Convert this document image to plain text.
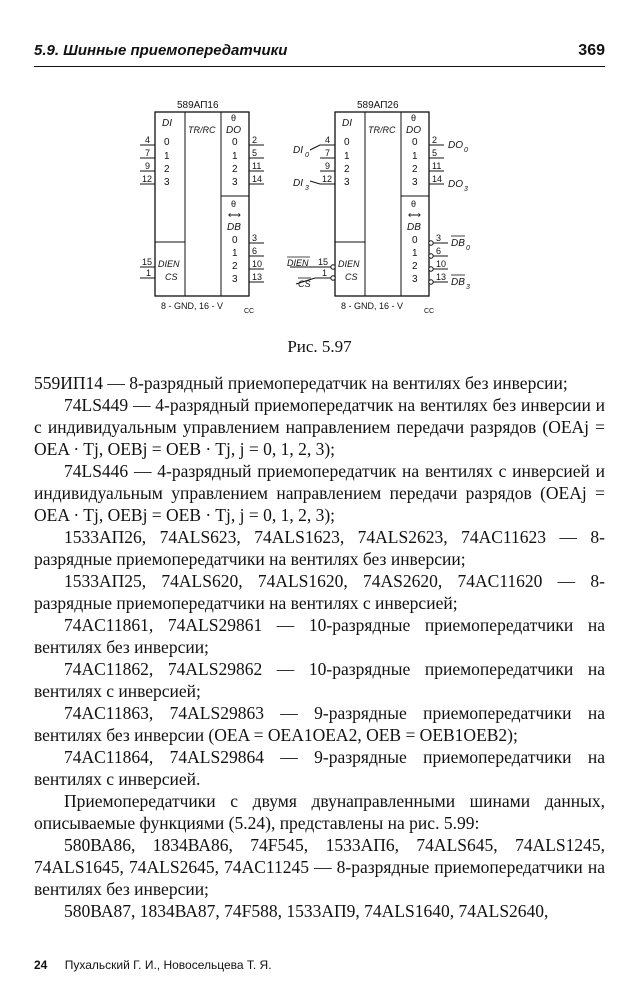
5.9. Шинные приемопередатчики	369
589АП16
DI
TR/RC
θ
DO
0
1
2
3
0
1
2
3
θ
⟷
DB
0
1
2
3
DIEN
CS
4
7
9
12
2
5
11
14
3
6
10
13
15
1
8 - GND, 16 - V
CC
589АП26
DI
TR/RC
θ
DO
0
1
2
3
0
1
2
3
θ
⟷
DB
0
1
2
3
DIEN
CS
4
7
9
12
2
5
11
14
3
6
10
13
15
1
DI 0
DI 3
DO 0
DO 3
DB 0
DB 3
DIEN
CS
8 - GND, 16 - V
CC
Рис. 5.97

559ИП14 — 8-разрядный приемопередатчик на вентилях без инверсии;

74LS449 — 4-разрядный приемопередатчик на вентилях без инверсии и с индивидуальным управлением направлением передачи разрядов (OEAj = OEA · Tj, OEBj = OEB · Tj, j = 0, 1, 2, 3);

74LS446 — 4-разрядный приемопередатчик на вентилях с инверсией и индивидуальным управлением направлением передачи разрядов (OEAj = OEA · Tj, OEBj = OEB · Tj, j = 0, 1, 2, 3);

1533АП26, 74ALS623, 74ALS1623, 74ALS2623, 74AC11623 — 8-разрядные приемопередатчики на вентилях без инверсии;

1533АП25, 74ALS620, 74ALS1620, 74AS2620, 74AC11620 — 8-разрядные приемопередатчики на вентилях с инверсией;

74AC11861, 74ALS29861 — 10-разрядные приемопередатчики на вентилях без инверсии;

74AC11862, 74ALS29862 — 10-разрядные приемопередатчики на вентилях с инверсией;

74AC11863, 74ALS29863 — 9-разрядные приемопередатчики на вентилях без инверсии (OEA = OEA1OEA2, OEB = OEB1OEB2);

74AC11864, 74ALS29864 — 9-разрядные приемопередатчики на вентилях с инверсией.

Приемопередатчики с двумя двунаправленными шинами данных, описываемые функциями (5.24), представлены на рис. 5.99:

580ВА86, 1834ВА86, 74F545, 1533АП6, 74ALS645, 74ALS1245, 74ALS1645, 74ALS2645, 74AC11245 — 8-разрядные приемопередатчики на вентилях без инверсии;

580ВА87, 1834ВА87, 74F588, 1533АП9, 74ALS1640, 74ALS2640,

24 Пухальский Г. И., Новосельцева Т. Я.
